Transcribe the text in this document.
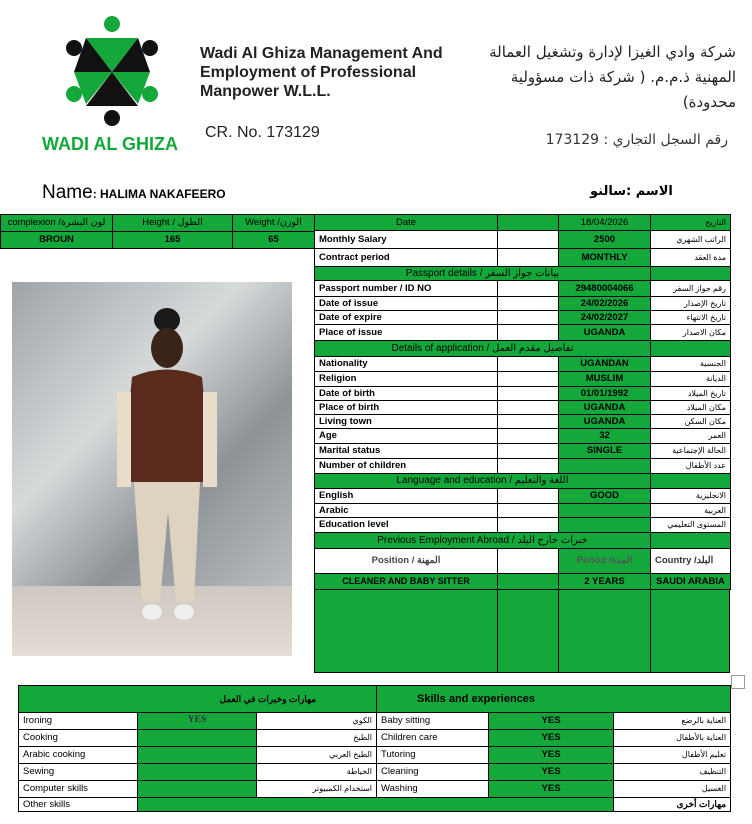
WADI AL GHIZA
Wadi Al Ghiza Management And
Employment of Professional
Manpower W.L.L.
CR. No. 173129
شركة وادي الغيزا لإدارة وتشغيل العمالة
المهنية ذ.م.م. ( شركة ذات مسؤولية
محدودة)
رقم السجل التجاري : 173129
Name: HALIMA NAKAFEERO	الاسم :سالنو
complexion /لون البشرة	Height / الطول	Weight /الوزن
BROUN	165	65
Date		18/04/2026	التاريخ
Monthly Salary		2500	الراتب الشهري
Contract period		MONTHLY	مدة العقد
Passport details / بيانات جواز السفر			
Passport number / ID NO		29480004066	رقم جواز السفر
Date of issue		24/02/2026	تاريخ الإصدار
Date of expire		24/02/2027	تاريخ الانتهاء
Place of issue		UGANDA	مكان الاصدار
Details of application / تفاصيل مقدم العمل			
Nationality		UGANDAN	الجنسية
Religion		MUSLIM	الديانة
Date of birth		01/01/1992	تاريخ الميلاد
Place of birth		UGANDA	مكان الميلاد
Living town		UGANDA	مكان السكن
Age		32	العمر
Marital status		SINGLE	الحالة الإجتماعية
Number of children			عدد الأطفال
Language and education / اللغة والتعليم			
English		GOOD	الانجليزية
Arabic			العربية
Education level			المستوى التعليمي
Previous Employment Abroad / خبرات خارج البلد			
Position / المهنة		Period /المدة	Country /البلد
CLEANER AND BABY SITTER		2 YEARS	SAUDI ARABIA
مهارات وخبرات في العمل			Skills and experiences		
Ironing	YES	الكوي	Baby sitting	YES	العناية بالرضع
Cooking		الطبخ	Children care	YES	العناية بالأطفال
Arabic cooking		الطبخ العربي	Tutoring	YES	تعليم الأطفال
Sewing		الخياطة	Cleaning	YES	التنظيف
Computer skills		استخدام الكمبيوتر	Washing	YES	الغسيل
Other skills					مهارات أخرى
